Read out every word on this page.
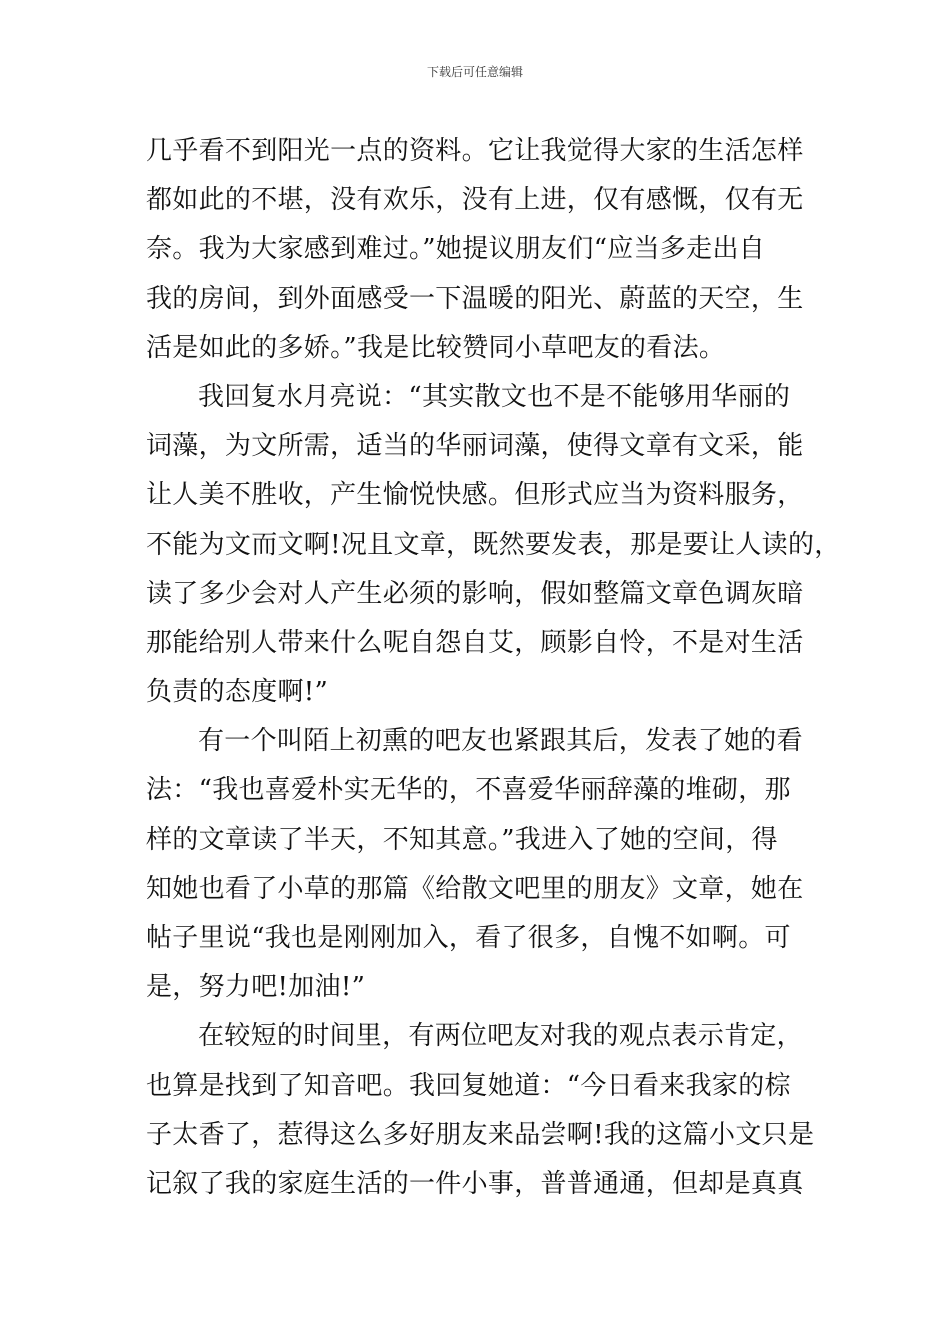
下载后可任意编辑
几乎看不到阳光一点的资料。它让我觉得大家的生活怎样
都如此的不堪，没有欢乐，没有上进，仅有感慨，仅有无
奈。我为大家感到难过。”她提议朋友们“应当多走出自
我的房间，到外面感受一下温暖的阳光、蔚蓝的天空，生
活是如此的多娇。”我是比较赞同小草吧友的看法。
我回复水月亮说：“其实散文也不是不能够用华丽的
词藻，为文所需，适当的华丽词藻，使得文章有文采，能
让人美不胜收，产生愉悦快感。但形式应当为资料服务，
不能为文而文啊!况且文章，既然要发表，那是要让人读的，
读了多少会对人产生必须的影响，假如整篇文章色调灰暗
那能给别人带来什么呢自怨自艾，顾影自怜，不是对生活
负责的态度啊!”
有一个叫陌上初熏的吧友也紧跟其后，发表了她的看
法：“我也喜爱朴实无华的，不喜爱华丽辞藻的堆砌，那
样的文章读了半天，不知其意。”我进入了她的空间，得
知她也看了小草的那篇《给散文吧里的朋友》文章，她在
帖子里说“我也是刚刚加入，看了很多，自愧不如啊。可
是，努力吧!加油!”
在较短的时间里，有两位吧友对我的观点表示肯定，
也算是找到了知音吧。我回复她道：“今日看来我家的棕
子太香了，惹得这么多好朋友来品尝啊!我的这篇小文只是
记叙了我的家庭生活的一件小事，普普通通，但却是真真
